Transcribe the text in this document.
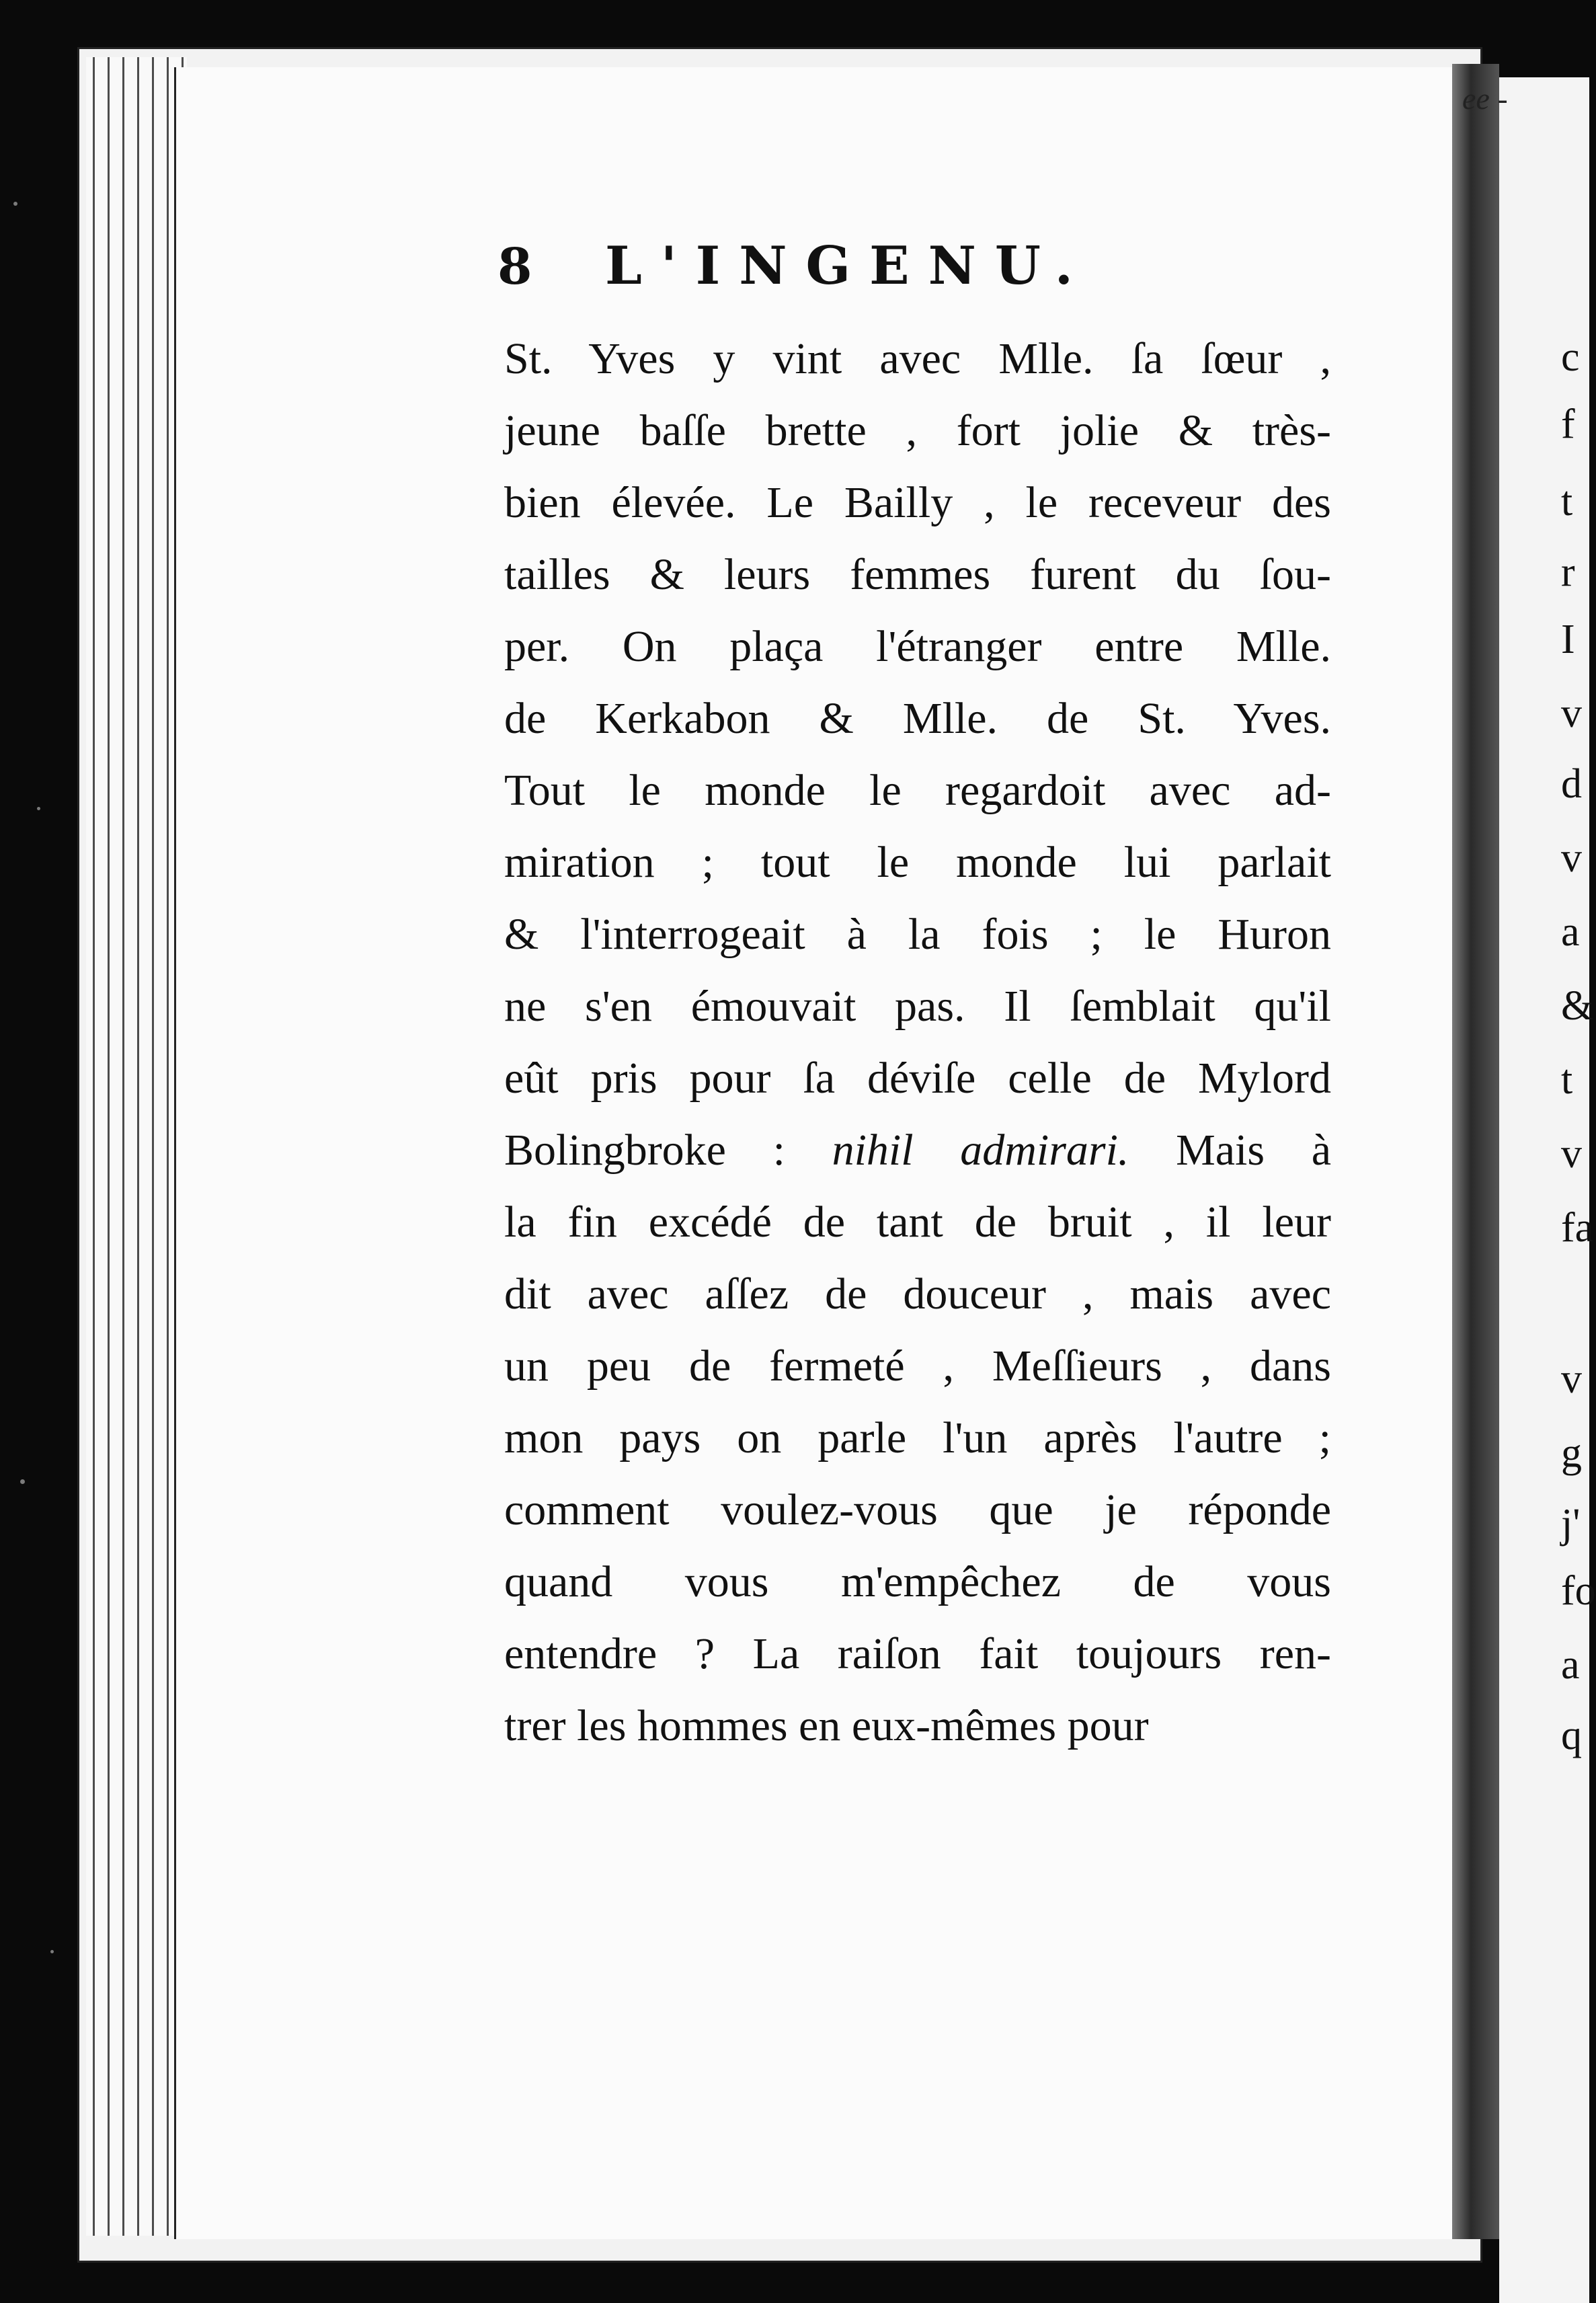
ee -
c
f
t
r
I
v
d
v
a
&
t
v
fa
v
g
j'
fo
a
q
8	L'INGENU.
St. Yves y vint avec Mlle. ſa ſœur ,
jeune baſſe brette , fort jolie & très-
bien élevée. Le Bailly , le receveur des
tailles & leurs femmes furent du ſou-
per. On plaça l'étranger entre Mlle.
de Kerkabon & Mlle. de St. Yves.
Tout le monde le regardoit avec ad-
miration ; tout le monde lui parlait
& l'interrogeait à la fois ; le Huron
ne s'en émouvait pas. Il ſemblait qu'il
eût pris pour ſa déviſe celle de Mylord
Bolingbroke : nihil admirari. Mais à
la fin excédé de tant de bruit , il leur
dit avec aſſez de douceur , mais avec
un peu de fermeté , Meſſieurs , dans
mon pays on parle l'un après l'autre ;
comment voulez-vous que je réponde
quand vous m'empêchez de vous
entendre ? La raiſon fait toujours ren-
trer les hommes en eux-mêmes pour
